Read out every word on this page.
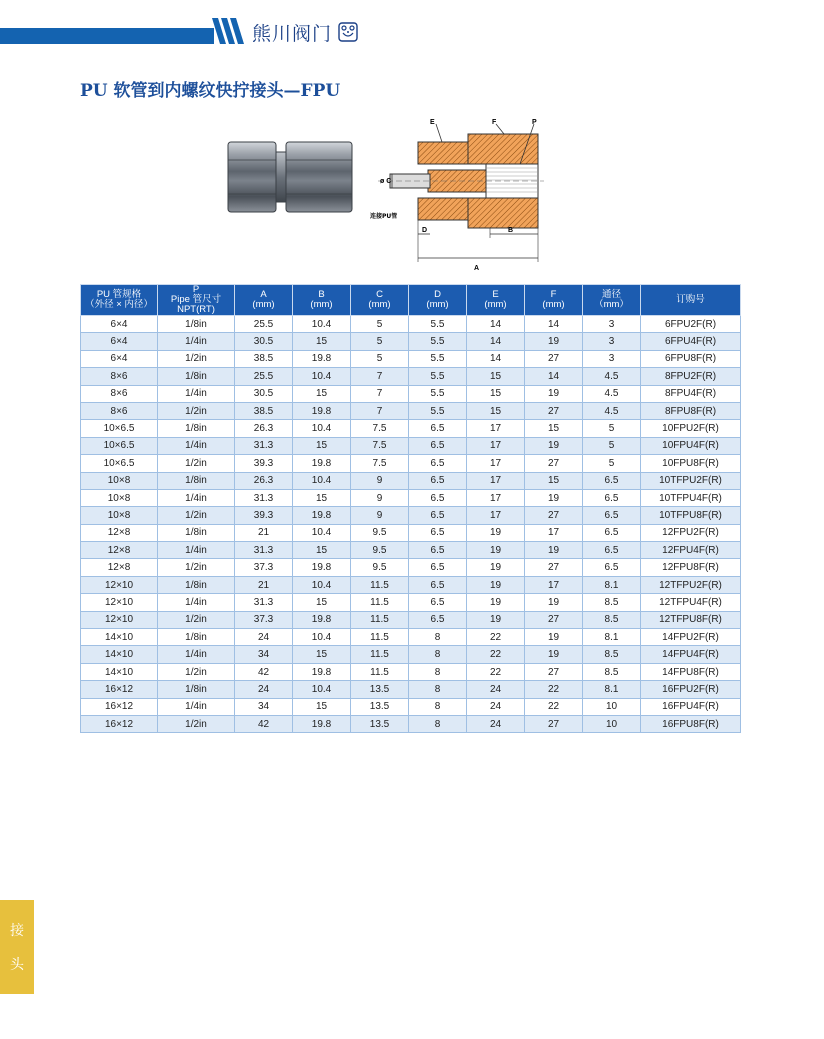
熊川阀门
PU 软管到内螺纹快拧接头—FPU
E	F	P
ø C
连接PU管
D	B
A
PU 管规格
（外径 × 内径）	P
Pipe 管尺寸
NPT(RT)	A
(mm)	B
(mm)	C
(mm)	D
(mm)	E
(mm)	F
(mm)	通径
（mm）	订购号
6×4	1/8in	25.5	10.4	5	5.5	14	14	3	6FPU2F(R)
6×4	1/4in	30.5	15	5	5.5	14	19	3	6FPU4F(R)
6×4	1/2in	38.5	19.8	5	5.5	14	27	3	6FPU8F(R)
8×6	1/8in	25.5	10.4	7	5.5	15	14	4.5	8FPU2F(R)
8×6	1/4in	30.5	15	7	5.5	15	19	4.5	8FPU4F(R)
8×6	1/2in	38.5	19.8	7	5.5	15	27	4.5	8FPU8F(R)
10×6.5	1/8in	26.3	10.4	7.5	6.5	17	15	5	10FPU2F(R)
10×6.5	1/4in	31.3	15	7.5	6.5	17	19	5	10FPU4F(R)
10×6.5	1/2in	39.3	19.8	7.5	6.5	17	27	5	10FPU8F(R)
10×8	1/8in	26.3	10.4	9	6.5	17	15	6.5	10TFPU2F(R)
10×8	1/4in	31.3	15	9	6.5	17	19	6.5	10TFPU4F(R)
10×8	1/2in	39.3	19.8	9	6.5	17	27	6.5	10TFPU8F(R)
12×8	1/8in	21	10.4	9.5	6.5	19	17	6.5	12FPU2F(R)
12×8	1/4in	31.3	15	9.5	6.5	19	19	6.5	12FPU4F(R)
12×8	1/2in	37.3	19.8	9.5	6.5	19	27	6.5	12FPU8F(R)
12×10	1/8in	21	10.4	11.5	6.5	19	17	8.1	12TFPU2F(R)
12×10	1/4in	31.3	15	11.5	6.5	19	19	8.5	12TFPU4F(R)
12×10	1/2in	37.3	19.8	11.5	6.5	19	27	8.5	12TFPU8F(R)
14×10	1/8in	24	10.4	11.5	8	22	19	8.1	14FPU2F(R)
14×10	1/4in	34	15	11.5	8	22	19	8.5	14FPU4F(R)
14×10	1/2in	42	19.8	11.5	8	22	27	8.5	14FPU8F(R)
16×12	1/8in	24	10.4	13.5	8	24	22	8.1	16FPU2F(R)
16×12	1/4in	34	15	13.5	8	24	22	10	16FPU4F(R)
16×12	1/2in	42	19.8	13.5	8	24	27	10	16FPU8F(R)
接
头
